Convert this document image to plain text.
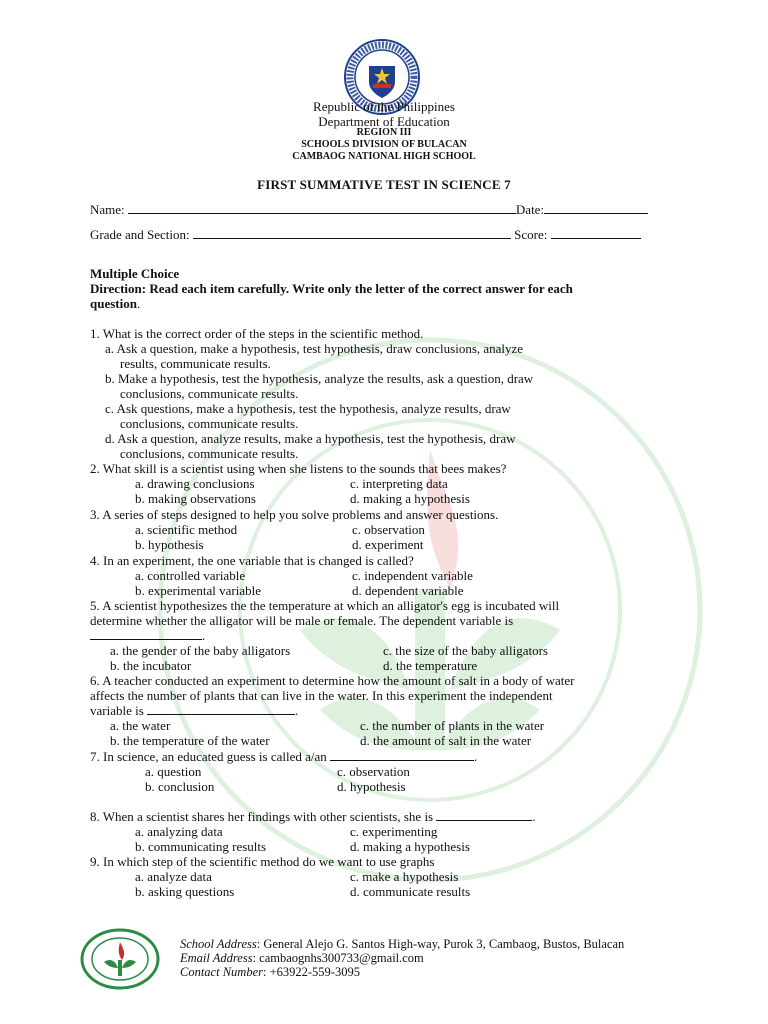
Republic of the Philippines
Department of Education
REGION III
SCHOOLS DIVISION OF BULACAN
CAMBAOG NATIONAL HIGH SCHOOL
FIRST SUMMATIVE TEST IN SCIENCE 7
Name:	Date:
Grade and Section:	Score:
Multiple Choice
Direction: Read each item carefully. Write only the letter of the correct answer for each
question.
1. What is the correct order of the steps in the scientific method.
a. Ask a question, make a hypothesis, test hypothesis, draw conclusions, analyze
results, communicate results.
b. Make a hypothesis, test the hypothesis, analyze the results, ask a question, draw
conclusions, communicate results.
c. Ask questions, make a hypothesis, test the hypothesis, analyze results, draw
conclusions, communicate results.
d. Ask a question, analyze results, make a hypothesis, test the hypothesis, draw
conclusions, communicate results.
2. What skill is a scientist using when she listens to the sounds that bees makes?
a. drawing conclusions	c. interpreting data
b. making observations	d. making a hypothesis
3. A series of steps designed to help you solve problems and answer questions.
a. scientific method	c. observation
b. hypothesis	d. experiment
4. In an experiment, the one variable that is changed is called?
a. controlled variable	c. independent variable
b. experimental variable	d. dependent variable
5. A scientist hypothesizes the the temperature at which an alligator's egg is incubated will
determine whether the alligator will be male or female. The dependent variable is
.
a. the gender of the baby alligators	c. the size of the baby alligators
b. the incubator	d. the temperature
6. A teacher conducted an experiment to determine how the amount of salt in a body of water
affects the number of plants that can live in the water. In this experiment the independent
variable is	.
a. the water	c. the number of plants in the water
b. the temperature of the water	d. the amount of salt in the water
7. In science, an educated guess is called a/an	.
a. question	c. observation
b. conclusion	d. hypothesis
8. When a scientist shares her findings with other scientists, she is	.
a. analyzing data	c. experimenting
b. communicating results	d. making a hypothesis
9. In which step of the scientific method do we want to use graphs
a. analyze data	c. make a hypothesis
b. asking questions	d. communicate results
School Address: General Alejo G. Santos High-way, Purok 3, Cambaog, Bustos, Bulacan
Email Address: cambaognhs300733@gmail.com
Contact Number: +63922-559-3095
